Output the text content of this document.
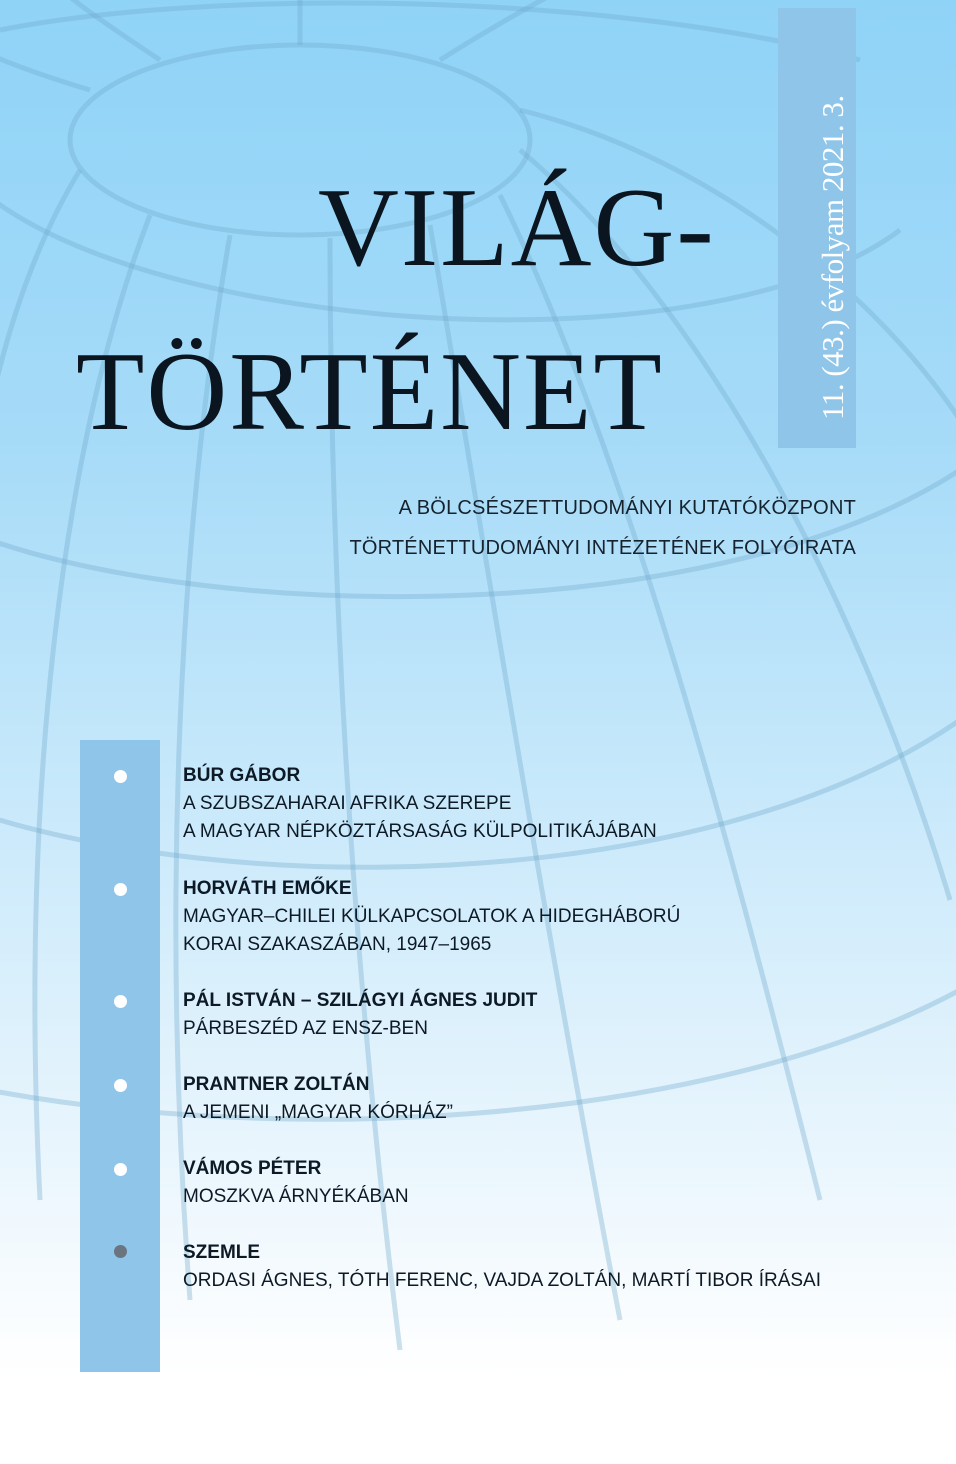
11. (43.) évfolyam 2021. 3.
VILÁG-
TÖRTÉNET
A BÖLCSÉSZETTUDOMÁNYI KUTATÓKÖZPONT
TÖRTÉNETTUDOMÁNYI INTÉZETÉNEK FOLYÓIRATA
BÚR GÁBOR
A SZUBSZAHARAI AFRIKA SZEREPE
A MAGYAR NÉPKÖZTÁRSASÁG KÜLPOLITIKÁJÁBAN
HORVÁTH EMŐKE
MAGYAR–CHILEI KÜLKAPCSOLATOK A HIDEGHÁBORÚ
KORAI SZAKASZÁBAN, 1947–1965
PÁL ISTVÁN – SZILÁGYI ÁGNES JUDIT
PÁRBESZÉD AZ ENSZ-BEN
PRANTNER ZOLTÁN
A JEMENI „MAGYAR KÓRHÁZ”
VÁMOS PÉTER
MOSZKVA ÁRNYÉKÁBAN
SZEMLE
ORDASI ÁGNES, TÓTH FERENC, VAJDA ZOLTÁN, MARTÍ TIBOR ÍRÁSAI
